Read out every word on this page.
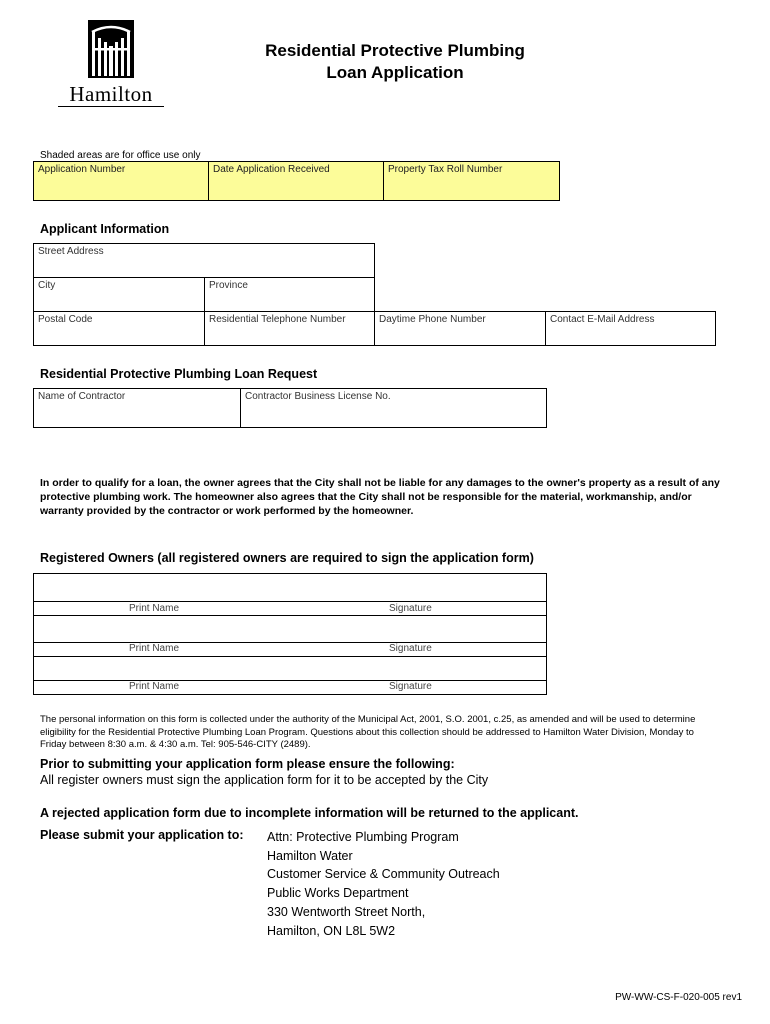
Hamilton
Residential Protective Plumbing
Loan Application
Shaded areas are for office use only
Application Number	Date Application Received	Property Tax Roll Number
Applicant Information
Street Address
City	Province
Postal Code	Residential Telephone Number	Daytime Phone Number	Contact E-Mail Address
Residential Protective Plumbing Loan Request
Name of Contractor	Contractor Business License No.
In order to qualify for a loan, the owner agrees that the City shall not be liable for any damages to the owner's property as a result of any protective plumbing work. The homeowner also agrees that the City shall not be responsible for the material, workmanship, and/or warranty provided by the contractor or work performed by the homeowner.
Registered Owners (all registered owners are required to sign the application form)
Print Name	Signature
Print Name	Signature
Print Name	Signature
The personal information on this form is collected under the authority of the Municipal Act, 2001, S.O. 2001, c.25, as amended and will be used to determine eligibility for the Residential Protective Plumbing Loan Program. Questions about this collection should be addressed to Hamilton Water Division, Monday to Friday between 8:30 a.m. & 4:30 a.m. Tel: 905-546-CITY (2489).
Prior to submitting your application form please ensure the following:
All register owners must sign the application form for it to be accepted by the City
A rejected application form due to incomplete information will be returned to the applicant.
Please submit your application to: Attn: Protective Plumbing Program
Hamilton Water
Customer Service & Community Outreach
Public Works Department
330 Wentworth Street North,
Hamilton, ON L8L 5W2
PW-WW-CS-F-020-005 rev1
